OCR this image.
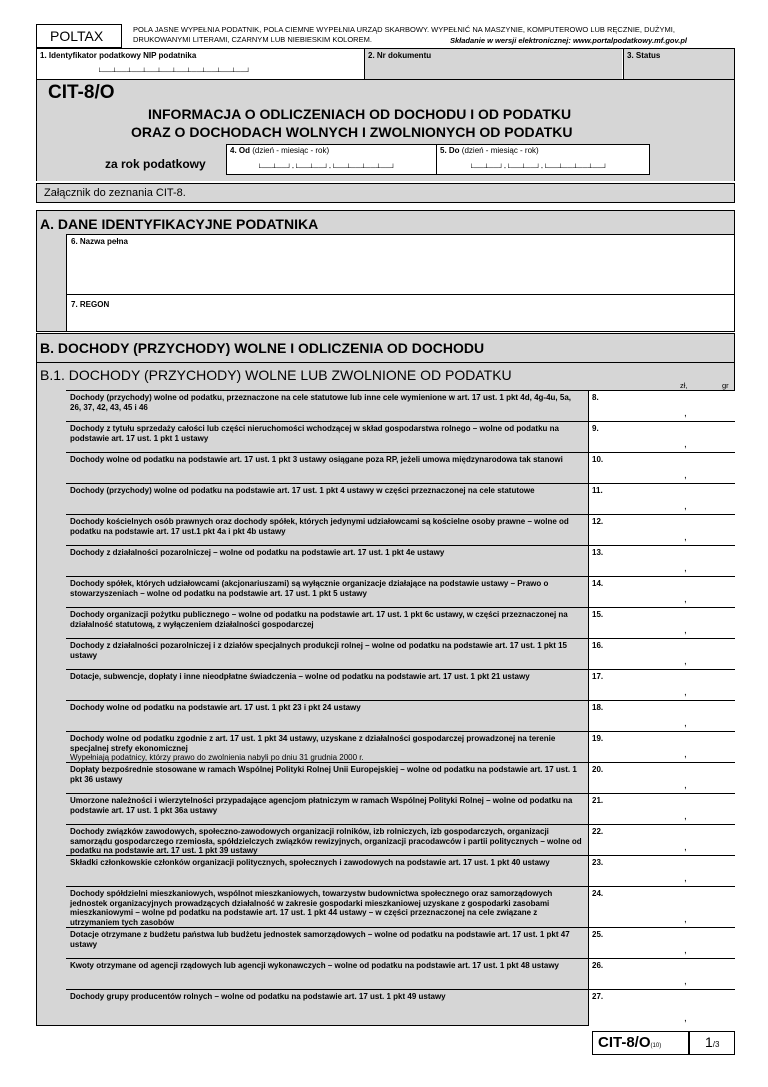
POLTAX	POLA JASNE WYPEŁNIA PODATNIK, POLA CIEMNE WYPEŁNIA URZĄD SKARBOWY. WYPEŁNIĆ NA MASZYNIE, KOMPUTEROWO LUB RĘCZNIE, DUŻYMI,
DRUKOWANYMI LITERAMI, CZARNYM LUB NIEBIESKIM KOLOREM.	Składanie w wersji elektronicznej: www.portalpodatkowy.mf.gov.pl
1. Identyfikator podatkowy NIP podatnika
└──┴──┴──┴──┴──┴──┴──┴──┴──┴──┘
2. Nr dokumentu	3. Status
CIT-8/O
INFORMACJA O ODLICZENIACH OD DOCHODU I OD PODATKU
ORAZ O DOCHODACH WOLNYCH I ZWOLNIONYCH OD PODATKU
za rok podatkowy
4. Od (dzień - miesiąc - rok)
└──┴──┘-└──┴──┘-└──┴──┴──┴──┘
5. Do (dzień - miesiąc - rok)
└──┴──┘-└──┴──┘-└──┴──┴──┴──┘
Załącznik do zeznania CIT-8.
A. DANE IDENTYFIKACYJNE PODATNIKA
6. Nazwa pełna
7. REGON
B. DOCHODY (PRZYCHODY) WOLNE I ODLICZENIA OD DOCHODU
B.1. DOCHODY (PRZYCHODY) WOLNE LUB ZWOLNIONE OD PODATKU
zł,	gr
Dochody (przychody) wolne od podatku, przeznaczone na cele statutowe lub inne cele wymienione w art. 17 ust. 1 pkt 4d, 4g-4u, 5a, 26, 37, 42, 43, 45 i 46
8.
,
Dochody z tytułu sprzedaży całości lub części nieruchomości wchodzącej w skład gospodarstwa rolnego – wolne od podatku na podstawie art. 17 ust. 1 pkt 1 ustawy
9.
,
Dochody wolne od podatku na podstawie art. 17 ust. 1 pkt 3 ustawy osiągane poza RP, jeżeli umowa międzynarodowa tak stanowi	10.
,
Dochody (przychody) wolne od podatku na podstawie art. 17 ust. 1 pkt 4 ustawy w części przeznaczonej na cele statutowe	11.
,
Dochody kościelnych osób prawnych oraz dochody spółek, których jedynymi udziałowcami są kościelne osoby prawne – wolne od podatku na podstawie art. 17 ust.1 pkt 4a i pkt 4b ustawy
12.
,
Dochody z działalności pozarolniczej – wolne od podatku na podstawie art. 17 ust. 1 pkt 4e ustawy	13.
,
Dochody spółek, których udziałowcami (akcjonariuszami) są wyłącznie organizacje działające na podstawie ustawy – Prawo o stowarzyszeniach – wolne od podatku na podstawie art. 17 ust. 1 pkt 5 ustawy
14.
,
Dochody organizacji pożytku publicznego – wolne od podatku na podstawie art. 17 ust. 1 pkt 6c ustawy, w części przeznaczonej na działalność statutową, z wyłączeniem działalności gospodarczej
15.
,
Dochody z działalności pozarolniczej i z działów specjalnych produkcji rolnej – wolne od podatku na podstawie art. 17 ust. 1 pkt 15 ustawy
16.
,
Dotacje, subwencje, dopłaty i inne nieodpłatne świadczenia – wolne od podatku na podstawie art. 17 ust. 1 pkt 21 ustawy	17.
,
Dochody wolne od podatku na podstawie art. 17 ust. 1 pkt 23 i pkt 24 ustawy	18.
,
Dochody wolne od podatku zgodnie z art. 17 ust. 1 pkt 34 ustawy, uzyskane z działalności gospodarczej prowadzonej na terenie specjalnej strefy ekonomicznej
Wypełniają podatnicy, którzy prawo do zwolnienia nabyli po dniu 31 grudnia 2000 r.
19.
,
Dopłaty bezpośrednie stosowane w ramach Wspólnej Polityki Rolnej Unii Europejskiej – wolne od podatku na podstawie art. 17 ust. 1 pkt 36 ustawy
20.
,
Umorzone należności i wierzytelności przypadające agencjom płatniczym w ramach Wspólnej Polityki Rolnej – wolne od podatku na podstawie art. 17 ust. 1 pkt 36a ustawy
21.
,
Dochody związków zawodowych, społeczno-zawodowych organizacji rolników, izb rolniczych, izb gospodarczych, organizacji samorządu gospodarczego rzemiosła, spółdzielczych związków rewizyjnych, organizacji pracodawców i partii politycznych – wolne od podatku na podstawie art. 17 ust. 1 pkt 39 ustawy
22.
,
Składki członkowskie członków organizacji politycznych, społecznych i zawodowych na podstawie art. 17 ust. 1 pkt 40 ustawy	23.
,
Dochody spółdzielni mieszkaniowych, wspólnot mieszkaniowych, towarzystw budownictwa społecznego oraz samorządowych jednostek organizacyjnych prowadzących działalność w zakresie gospodarki mieszkaniowej uzyskane z gospodarki zasobami mieszkaniowymi – wolne pd podatku na podstawie art. 17 ust. 1 pkt 44 ustawy – w części przeznaczonej na cele związane z utrzymaniem tych zasobów
24.
,
Dotacje otrzymane z budżetu państwa lub budżetu jednostek samorządowych – wolne od podatku na podstawie art. 17 ust. 1 pkt 47 ustawy
25.
,
Kwoty otrzymane od agencji rządowych lub agencji wykonawczych – wolne od podatku na podstawie art. 17 ust. 1 pkt 48 ustawy	26.
,
Dochody grupy producentów rolnych – wolne od podatku na podstawie art. 17 ust. 1 pkt 49 ustawy	27.
,
CIT-8/O(10)	1/3
